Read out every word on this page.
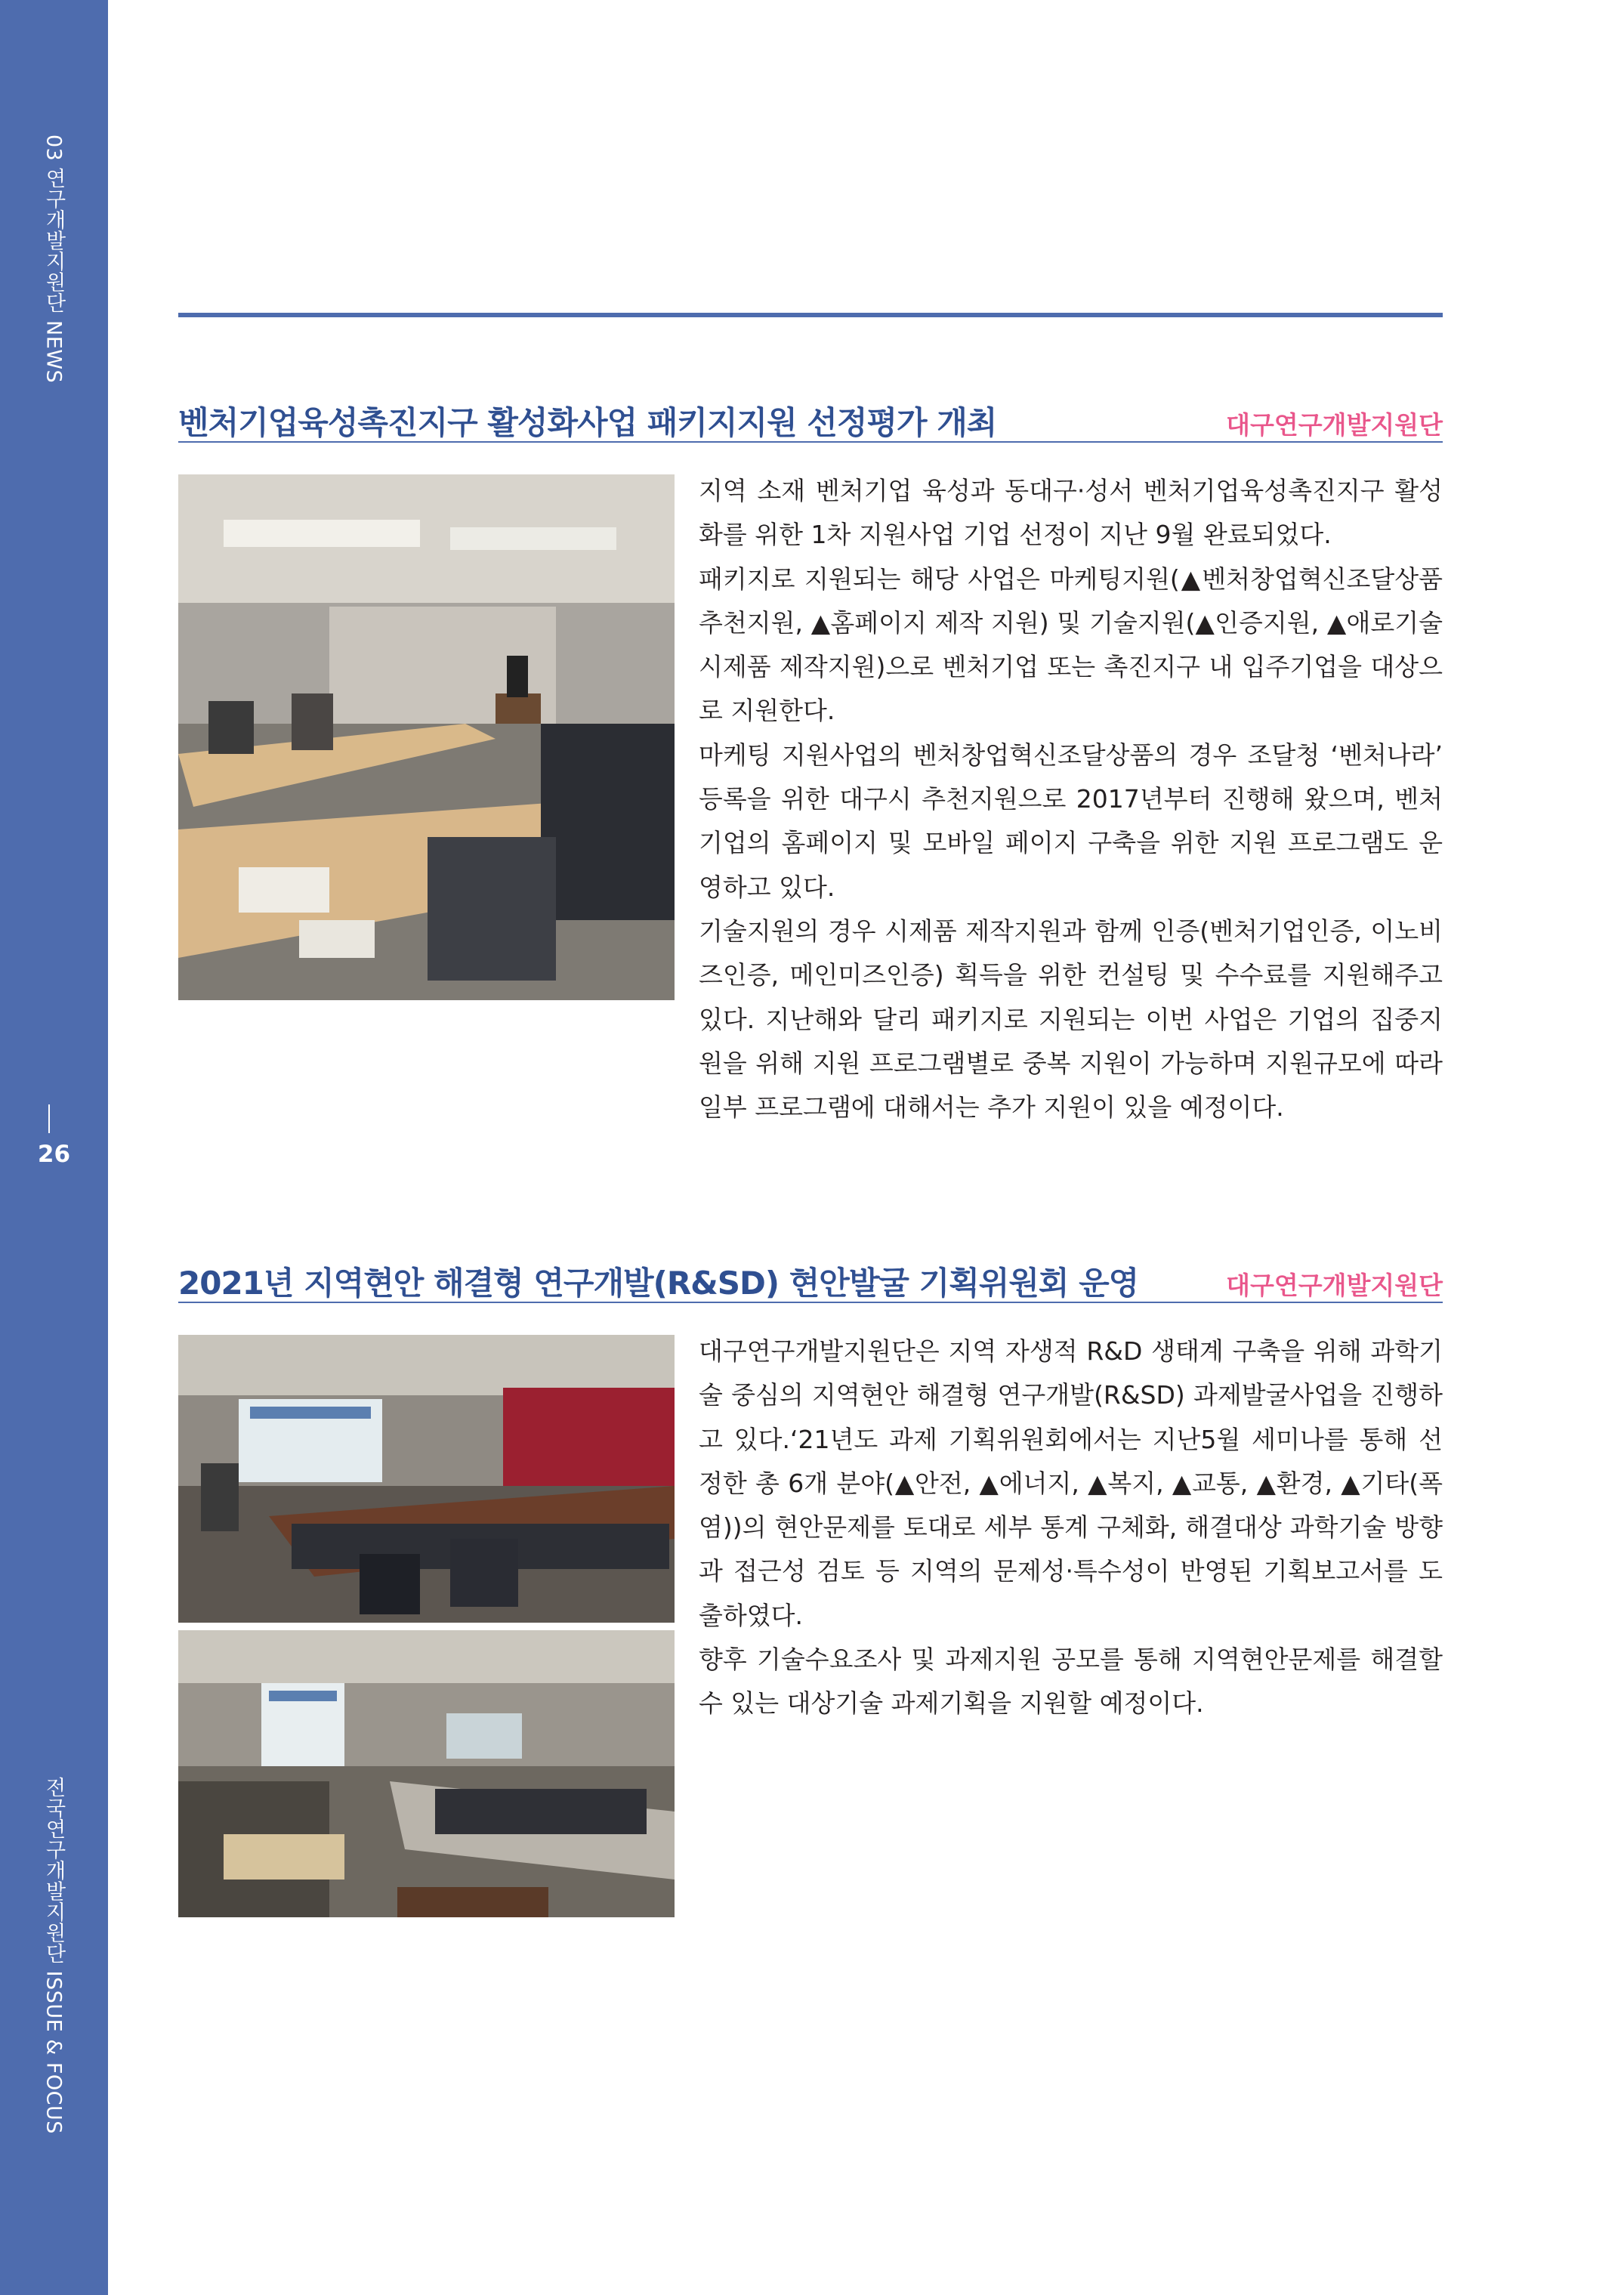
03 연구개발지원단 NEWS
26
전국연구개발지원단 ISSUE & FOCUS
벤처기업육성촉진지구 활성화사업 패키지지원 선정평가 개최	대구연구개발지원단

지역 소재 벤처기업 육성과 동대구·성서 벤처기업육성촉진지구 활성화를 위한 1차 지원사업 기업 선정이 지난 9월 완료되었다.

패키지로 지원되는 해당 사업은 마케팅지원(▲벤처창업혁신조달상품 추천지원, ▲홈페이지 제작 지원) 및 기술지원(▲인증지원, ▲애로기술 시제품 제작지원)으로 벤처기업 또는 촉진지구 내 입주기업을 대상으로 지원한다.

마케팅 지원사업의 벤처창업혁신조달상품의 경우 조달청 ‘벤처나라’ 등록을 위한 대구시 추천지원으로 2017년부터 진행해 왔으며, 벤처기업의 홈페이지 및 모바일 페이지 구축을 위한 지원 프로그램도 운영하고 있다.

기술지원의 경우 시제품 제작지원과 함께 인증(벤처기업인증, 이노비즈인증, 메인미즈인증) 획득을 위한 컨설팅 및 수수료를 지원해주고 있다. 지난해와 달리 패키지로 지원되는 이번 사업은 기업의 집중지원을 위해 지원 프로그램별로 중복 지원이 가능하며 지원규모에 따라 일부 프로그램에 대해서는 추가 지원이 있을 예정이다.

2021년 지역현안 해결형 연구개발(R&SD) 현안발굴 기획위원회 운영	대구연구개발지원단

대구연구개발지원단은 지역 자생적 R&D 생태계 구축을 위해 과학기술 중심의 지역현안 해결형 연구개발(R&SD) 과제발굴사업을 진행하고 있다.‘21년도 과제 기획위원회에서는 지난5월 세미나를 통해 선정한 총 6개 분야(▲안전, ▲에너지, ▲복지, ▲교통, ▲환경, ▲기타(폭염))의 현안문제를 토대로 세부 통계 구체화, 해결대상 과학기술 방향과 접근성 검토 등 지역의 문제성·특수성이 반영된 기획보고서를 도출하였다.

향후 기술수요조사 및 과제지원 공모를 통해 지역현안문제를 해결할 수 있는 대상기술 과제기획을 지원할 예정이다.
